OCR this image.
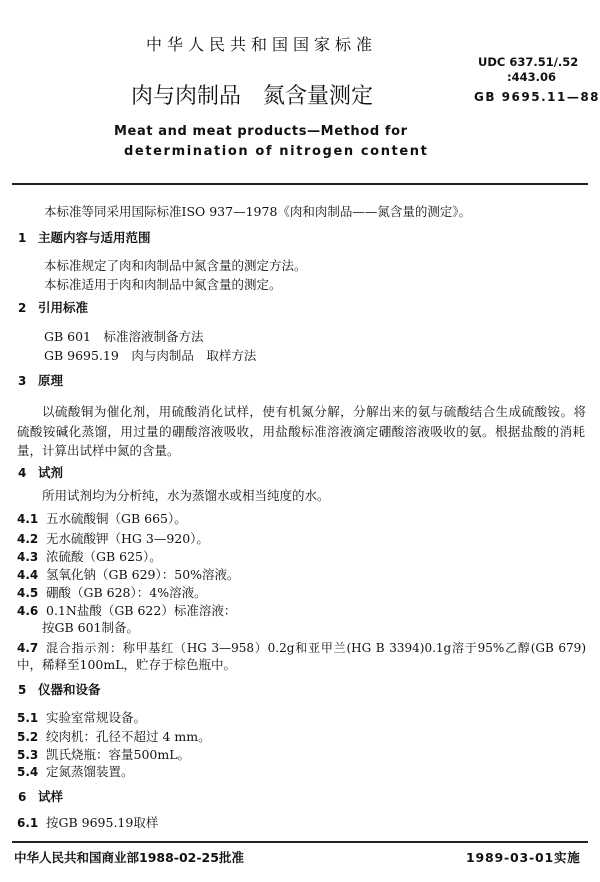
中华人民共和国国家标准
UDC 637.51/.52
:443.06
肉与肉制品　氮含量测定	GB 9695.11—88
Meat and meat products—Method for
determination of nitrogen content
本标准等同采用国际标准ISO 937—1978《肉和肉制品——氮含量的测定》。
1 主题内容与适用范围
本标准规定了肉和肉制品中氮含量的测定方法。
本标准适用于肉和肉制品中氮含量的测定。
2 引用标准
GB 601　标准溶液制备方法
GB 9695.19　肉与肉制品　取样方法
3 原理
以硫酸铜为催化剂，用硫酸消化试样，使有机氮分解，分解出来的氨与硫酸结合生成硫酸铵。将
硫酸铵碱化蒸馏，用过量的硼酸溶液吸收，用盐酸标准溶液滴定硼酸溶液吸收的氨。根据盐酸的消耗
量，计算出试样中氮的含量。
4 试剂
所用试剂均为分析纯，水为蒸馏水或相当纯度的水。
4.1 五水硫酸铜（GB 665）。
4.2 无水硫酸钾（HG 3—920）。
4.3 浓硫酸（GB 625）。
4.4 氢氧化钠（GB 629）：50%溶液。
4.5 硼酸（GB 628）：4%溶液。
4.6 0.1N盐酸（GB 622）标准溶液：
按GB 601制备。
4.7 混合指示剂：称甲基红（HG 3—958）0.2g和亚甲兰(HG B 3394)0.1g溶于95%乙醇(GB 679)
中，稀释至100mL，贮存于棕色瓶中。
5 仪器和设备
5.1 实验室常规设备。
5.2 绞肉机：孔径不超过 4 mm。
5.3 凯氏烧瓶：容量500mL。
5.4 定氮蒸馏装置。
6 试样
6.1 按GB 9695.19取样
中华人民共和国商业部1988-02-25批准	1989-03-01实施
